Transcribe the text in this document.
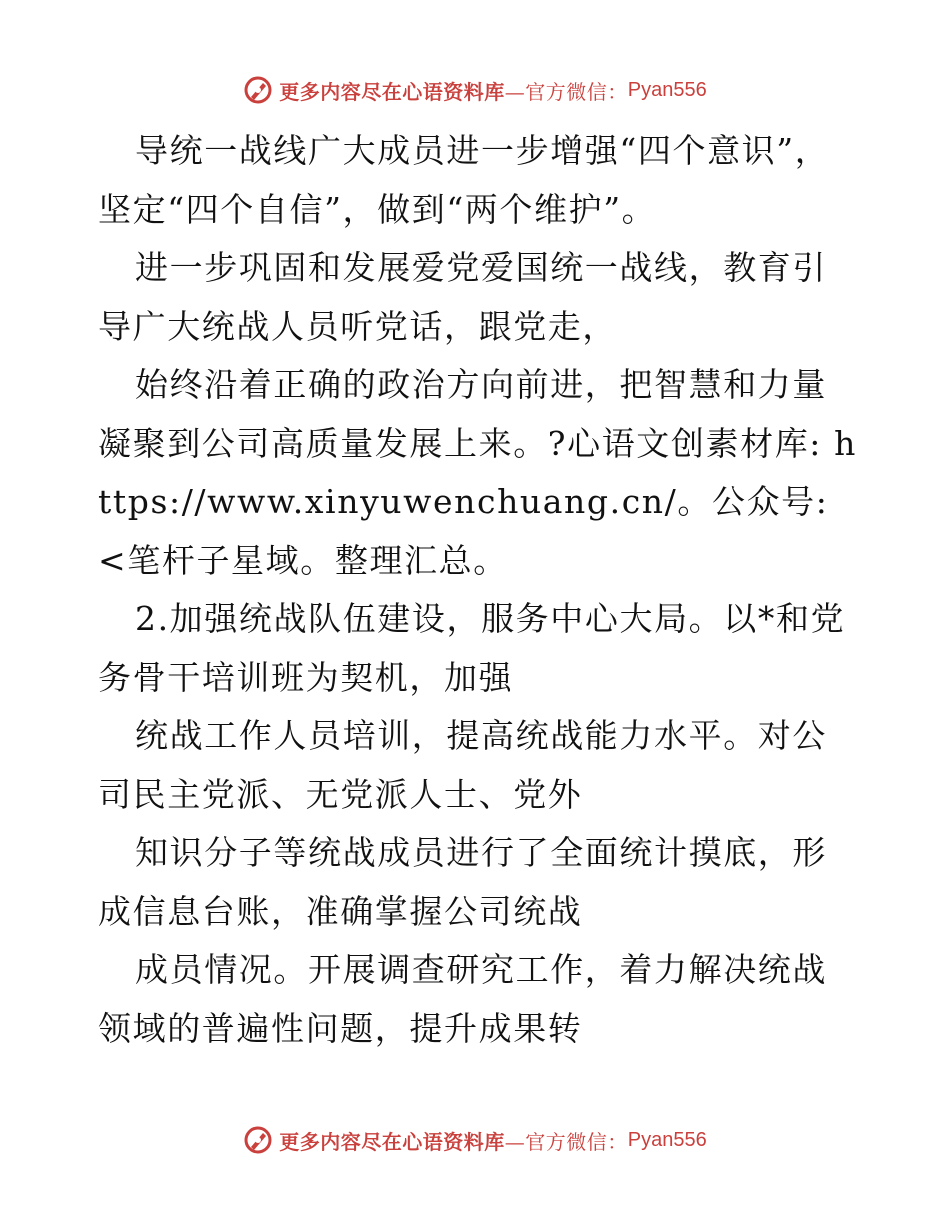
更多内容尽在心语资料库 —官方微信： Pyan556

导统一战线广大成员进一步增强“四个意识”，坚定“四个自信”，做到“两个维护”。

进一步巩固和发展爱党爱国统一战线，教育引导广大统战人员听党话，跟党走，

始终沿着正确的政治方向前进，把智慧和力量凝聚到公司高质量发展上来。?心语文创素材库: https://www.xinyuwenchuang.cn/。公众号: <笔杆子星域。整理汇总。

2.加强统战队伍建设，服务中心大局。以*和党务骨干培训班为契机，加强

统战工作人员培训，提高统战能力水平。对公司民主党派、无党派人士、党外

知识分子等统战成员进行了全面统计摸底，形成信息台账，准确掌握公司统战

成员情况。开展调查研究工作，着力解决统战领域的普遍性问题，提升成果转

更多内容尽在心语资料库 —官方微信： Pyan556
